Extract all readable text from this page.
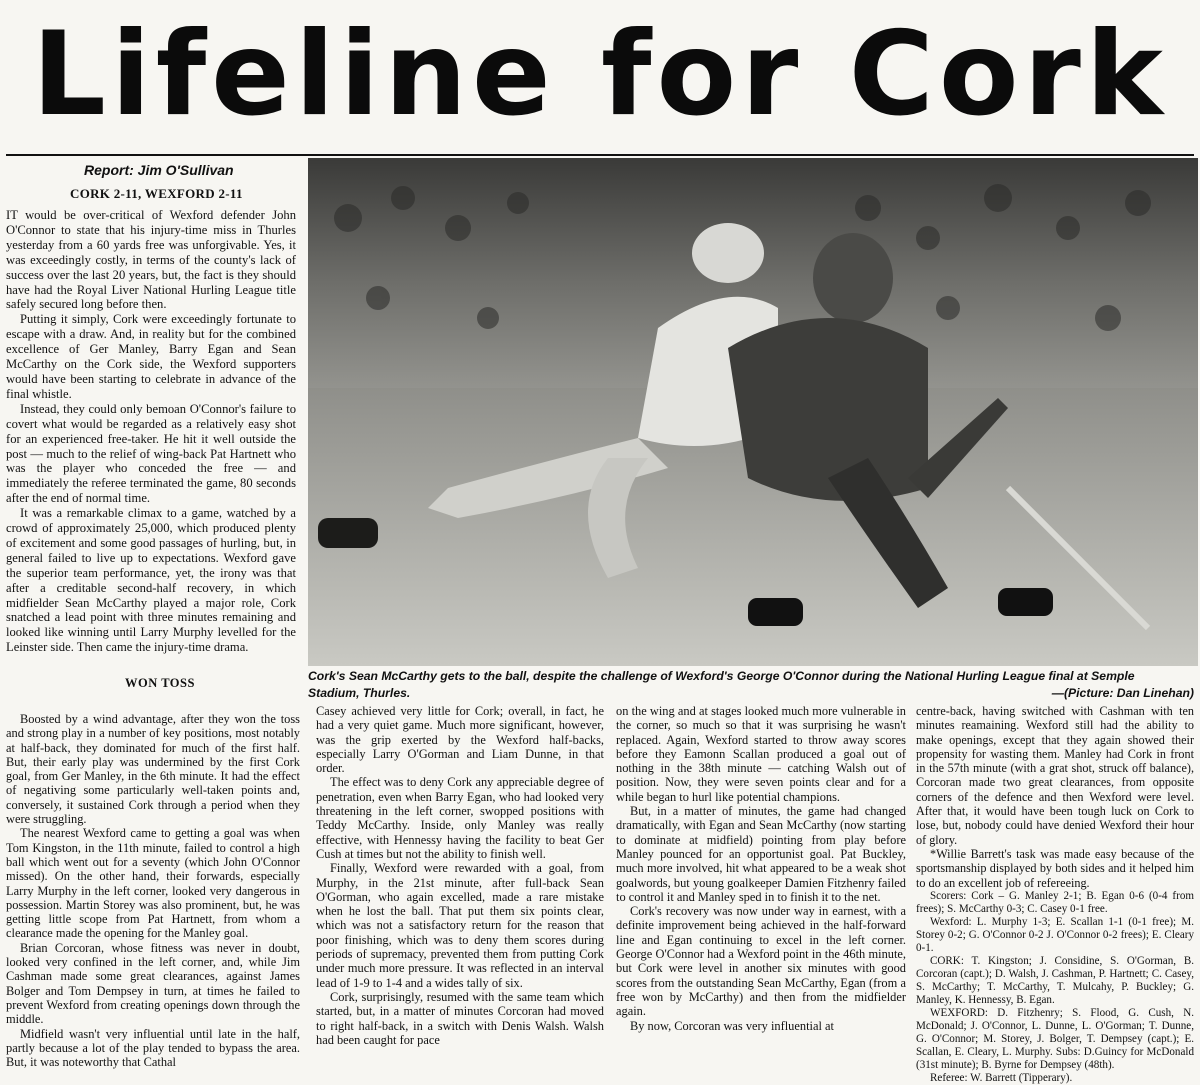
Lifeline for Cork
Report: Jim O'Sullivan
CORK 2-11, WEXFORD 2-11

IT would be over-critical of Wexford defender John O'Connor to state that his injury-time miss in Thurles yesterday from a 60 yards free was unforgivable. Yes, it was exceedingly costly, in terms of the county's lack of success over the last 20 years, but, the fact is they should have had the Royal Liver National Hurling League title safely secured long before then.

Putting it simply, Cork were exceedingly fortunate to escape with a draw. And, in reality but for the combined excellence of Ger Manley, Barry Egan and Sean McCarthy on the Cork side, the Wexford supporters would have been starting to celebrate in advance of the final whistle.

Instead, they could only bemoan O'Connor's failure to covert what would be regarded as a relatively easy shot for an experienced free-taker. He hit it well outside the post — much to the relief of wing-back Pat Hartnett who was the player who conceded the free — and immediately the referee terminated the game, 80 seconds after the end of normal time.

It was a remarkable climax to a game, watched by a crowd of approximately 25,000, which produced plenty of excitement and some good passages of hurling, but, in general failed to live up to expectations. Wexford gave the superior team performance, yet, the irony was that after a creditable second-half recovery, in which midfielder Sean McCarthy played a major role, Cork snatched a lead point with three minutes remaining and looked like winning until Larry Murphy levelled for the Leinster side. Then came the injury-time drama.

WON TOSS	Cork's Sean McCarthy gets to the ball, despite the challenge of Wexford's George O'Connor during the National Hurling League final at Semple
Stadium, Thurles.	—(Picture: Dan Linehan)

Boosted by a wind advantage, after they won the toss and strong play in a number of key positions, most notably at half-back, they dominated for much of the first half. But, their early play was undermined by the first Cork goal, from Ger Manley, in the 6th minute. It had the effect of negativing some particularly well-taken points and, conversely, it sustained Cork through a period when they were struggling.

The nearest Wexford came to getting a goal was when Tom Kingston, in the 11th minute, failed to control a high ball which went out for a seventy (which John O'Connor missed). On the other hand, their forwards, especially Larry Murphy in the left corner, looked very dangerous in possession. Martin Storey was also prominent, but, he was getting little scope from Pat Hartnett, from whom a clearance made the opening for the Manley goal.

Brian Corcoran, whose fitness was never in doubt, looked very confined in the left corner, and, while Jim Cashman made some great clearances, against James Bolger and Tom Dempsey in turn, at times he failed to prevent Wexford from creating openings down through the middle.

Midfield wasn't very influential until late in the half, partly because a lot of the play tended to bypass the area. But, it was noteworthy that Cathal

Casey achieved very little for Cork; overall, in fact, he had a very quiet game. Much more significant, however, was the grip exerted by the Wexford half-backs, especially Larry O'Gorman and Liam Dunne, in that order.

The effect was to deny Cork any appreciable degree of penetration, even when Barry Egan, who had looked very threatening in the left corner, swopped positions with Teddy McCarthy. Inside, only Manley was really effective, with Hennessy having the facility to beat Ger Cush at times but not the ability to finish well.

Finally, Wexford were rewarded with a goal, from Murphy, in the 21st minute, after full-back Sean O'Gorman, who again excelled, made a rare mistake when he lost the ball. That put them six points clear, which was not a satisfactory return for the reason that poor finishing, which was to deny them scores during periods of supremacy, prevented them from putting Cork under much more pressure. It was reflected in an interval lead of 1-9 to 1-4 and a wides tally of six.

Cork, surprisingly, resumed with the same team which started, but, in a matter of minutes Corcoran had moved to right half-back, in a switch with Denis Walsh. Walsh had been caught for pace

on the wing and at stages looked much more vulnerable in the corner, so much so that it was surprising he wasn't replaced. Again, Wexford started to throw away scores before they Eamonn Scallan produced a goal out of nothing in the 38th minute — catching Walsh out of position. Now, they were seven points clear and for a while began to hurl like potential champions.

But, in a matter of minutes, the game had changed dramatically, with Egan and Sean McCarthy (now starting to dominate at midfield) pointing from play before Manley pounced for an opportunist goal. Pat Buckley, much more involved, hit what appeared to be a weak shot goalwords, but young goalkeeper Damien Fitzhenry failed to control it and Manley sped in to finish it to the net.

Cork's recovery was now under way in earnest, with a definite improvement being achieved in the half-forward line and Egan continuing to excel in the left corner. George O'Connor had a Wexford point in the 46th minute, but Cork were level in another six minutes with good scores from the outstanding Sean McCarthy, Egan (from a free won by McCarthy) and then from the midfielder again.

By now, Corcoran was very influential at

centre-back, having switched with Cashman with ten minutes reamaining. Wexford still had the ability to make openings, except that they again showed their propensity for wasting them. Manley had Cork in front in the 57th minute (with a grat shot, struck off balance), Corcoran made two great clearances, from opposite corners of the defence and then Wexford were level. After that, it would have been tough luck on Cork to lose, but, nobody could have denied Wexford their hour of glory.

*Willie Barrett's task was made easy because of the sportsmanship displayed by both sides and it helped him to do an excellent job of refereeing.

Scorers: Cork – G. Manley 2-1; B. Egan 0-6 (0-4 from frees); S. McCarthy 0-3; C. Casey 0-1 free.

Wexford: L. Murphy 1-3; E. Scallan 1-1 (0-1 free); M. Storey 0-2; G. O'Connor 0-2 J. O'Connor 0-2 frees); E. Cleary 0-1.

CORK: T. Kingston; J. Considine, S. O'Gorman, B. Corcoran (capt.); D. Walsh, J. Cashman, P. Hartnett; C. Casey, S. McCarthy; T. McCarthy, T. Mulcahy, P. Buckley; G. Manley, K. Hennessy, B. Egan.

WEXFORD: D. Fitzhenry; S. Flood, G. Cush, N. McDonald; J. O'Connor, L. Dunne, L. O'Gorman; T. Dunne, G. O'Connor; M. Storey, J. Bolger, T. Dempsey (capt.); E. Scallan, E. Cleary, L. Murphy. Subs: D.Guincy for McDonald (31st minute); B. Byrne for Dempsey (48th).

Referee: W. Barrett (Tipperary).
